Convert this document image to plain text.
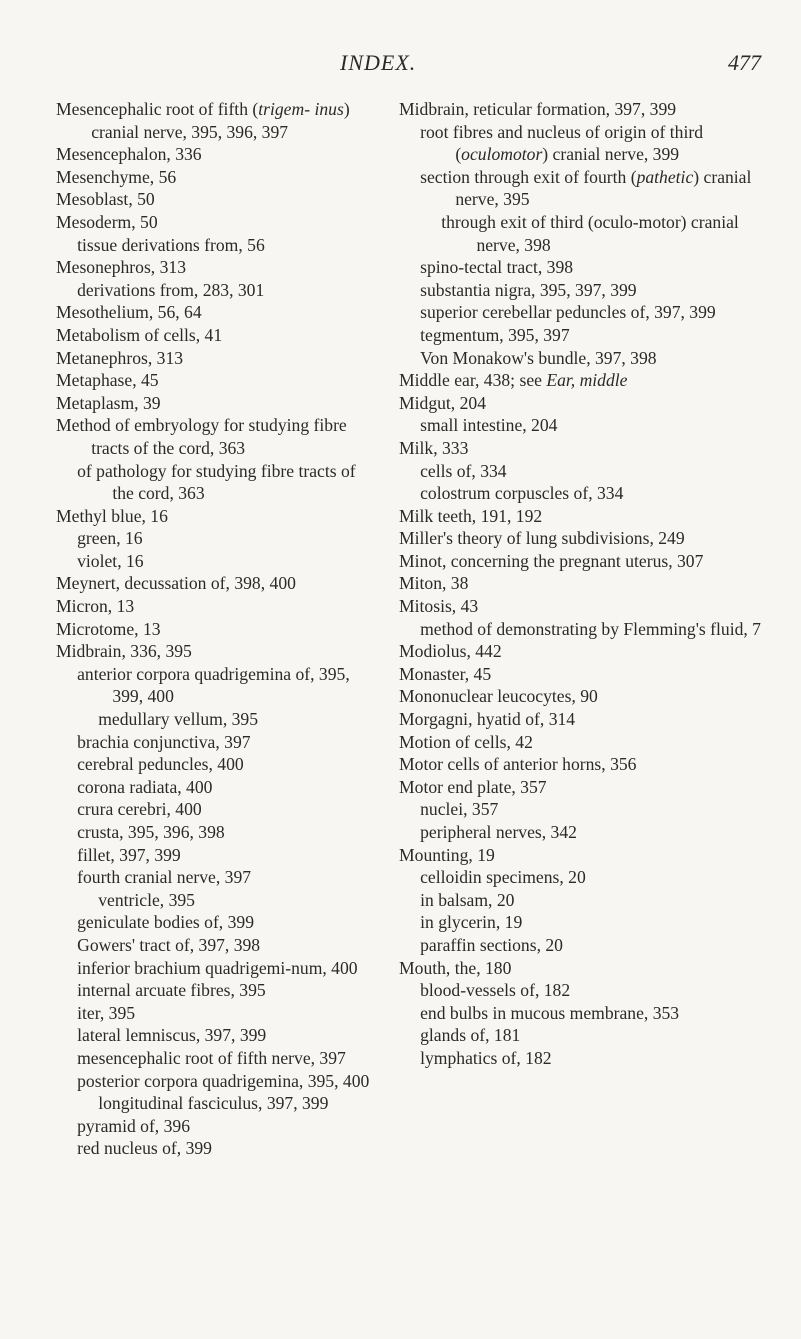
INDEX.	477
Mesencephalic root of fifth (trigem- inus) cranial nerve, 395, 396, 397
Mesencephalon, 336
Mesenchyme, 56
Mesoblast, 50
Mesoderm, 50
tissue derivations from, 56
Mesonephros, 313
derivations from, 283, 301
Mesothelium, 56, 64
Metabolism of cells, 41
Metanephros, 313
Metaphase, 45
Metaplasm, 39
Method of embryology for studying fibre tracts of the cord, 363
of pathology for studying fibre tracts of the cord, 363
Methyl blue, 16
green, 16
violet, 16
Meynert, decussation of, 398, 400
Micron, 13
Microtome, 13
Midbrain, 336, 395
anterior corpora quadrigemina of, 395, 399, 400
medullary vellum, 395
brachia conjunctiva, 397
cerebral peduncles, 400
corona radiata, 400
crura cerebri, 400
crusta, 395, 396, 398
fillet, 397, 399
fourth cranial nerve, 397
ventricle, 395
geniculate bodies of, 399
Gowers' tract of, 397, 398
inferior brachium quadrigemi-num, 400
internal arcuate fibres, 395
iter, 395
lateral lemniscus, 397, 399
mesencephalic root of fifth nerve, 397
posterior corpora quadrigemina, 395, 400
longitudinal fasciculus, 397, 399
pyramid of, 396
red nucleus of, 399
Midbrain, reticular formation, 397, 399
root fibres and nucleus of origin of third (oculomotor) cranial nerve, 399
section through exit of fourth (pathetic) cranial nerve, 395
through exit of third (oculo-motor) cranial nerve, 398
spino-tectal tract, 398
substantia nigra, 395, 397, 399
superior cerebellar peduncles of, 397, 399
tegmentum, 395, 397
Von Monakow's bundle, 397, 398
Middle ear, 438; see Ear, middle
Midgut, 204
small intestine, 204
Milk, 333
cells of, 334
colostrum corpuscles of, 334
Milk teeth, 191, 192
Miller's theory of lung subdivisions, 249
Minot, concerning the pregnant uterus, 307
Miton, 38
Mitosis, 43
method of demonstrating by Flemming's fluid, 7
Modiolus, 442
Monaster, 45
Mononuclear leucocytes, 90
Morgagni, hyatid of, 314
Motion of cells, 42
Motor cells of anterior horns, 356
Motor end plate, 357
nuclei, 357
peripheral nerves, 342
Mounting, 19
celloidin specimens, 20
in balsam, 20
in glycerin, 19
paraffin sections, 20
Mouth, the, 180
blood-vessels of, 182
end bulbs in mucous membrane, 353
glands of, 181
lymphatics of, 182
